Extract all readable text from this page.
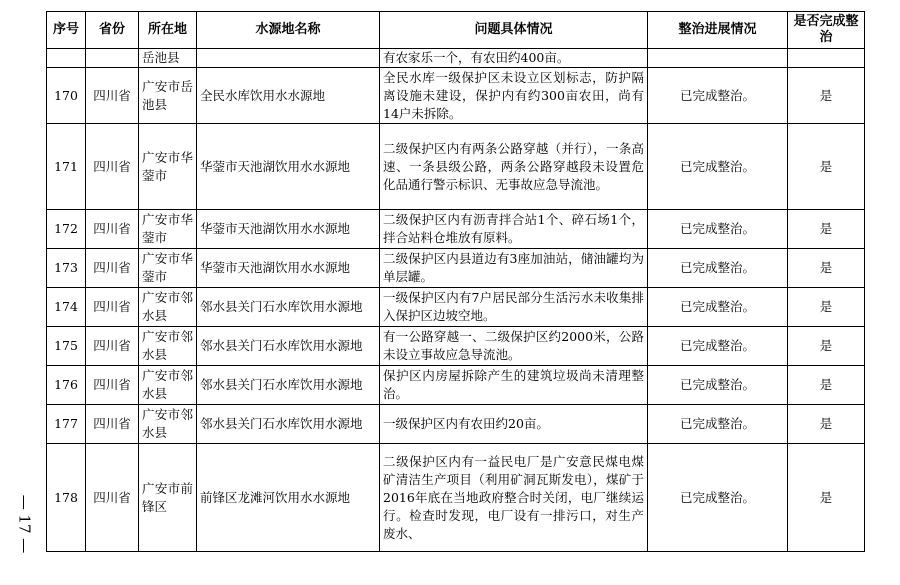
— 17 —
序号	省份	所在地	水源地名称	问题具体情况	整治进展情况	是否完成整治
		岳池县		有农家乐一个，有农田约400亩。		
170	四川省	广安市岳池县	全民水库饮用水水源地	全民水库一级保护区未设立区划标志，防护隔离设施未建设，保护内有约300亩农田，尚有14户未拆除。	已完成整治。	是
171	四川省	广安市华蓥市	华蓥市天池湖饮用水水源地	二级保护区内有两条公路穿越（并行），一条高速、一条县级公路，两条公路穿越段未设置危化品通行警示标识、无事故应急导流池。	已完成整治。	是
172	四川省	广安市华蓥市	华蓥市天池湖饮用水水源地	二级保护区内有沥青拌合站1个、碎石场1个，拌合站料仓堆放有原料。	已完成整治。	是
173	四川省	广安市华蓥市	华蓥市天池湖饮用水水源地	二级保护区内县道边有3座加油站，储油罐均为单层罐。	已完成整治。	是
174	四川省	广安市邻水县	邻水县关门石水库饮用水源地	一级保护区内有7户居民部分生活污水未收集排入保护区边坡空地。	已完成整治。	是
175	四川省	广安市邻水县	邻水县关门石水库饮用水源地	有一公路穿越一、二级保护区约2000米，公路未设立事故应急导流池。	已完成整治。	是
176	四川省	广安市邻水县	邻水县关门石水库饮用水源地	保护区内房屋拆除产生的建筑垃圾尚未清理整治。	已完成整治。	是
177	四川省	广安市邻水县	邻水县关门石水库饮用水源地	一级保护区内有农田约20亩。	已完成整治。	是
178	四川省	广安市前锋区	前锋区龙滩河饮用水水源地	二级保护区内有一益民电厂是广安意民煤电煤矿清洁生产项目（利用矿洞瓦斯发电），煤矿于2016年底在当地政府整合时关闭，电厂继续运行。检查时发现，电厂设有一排污口，对生产废水、	已完成整治。	是
